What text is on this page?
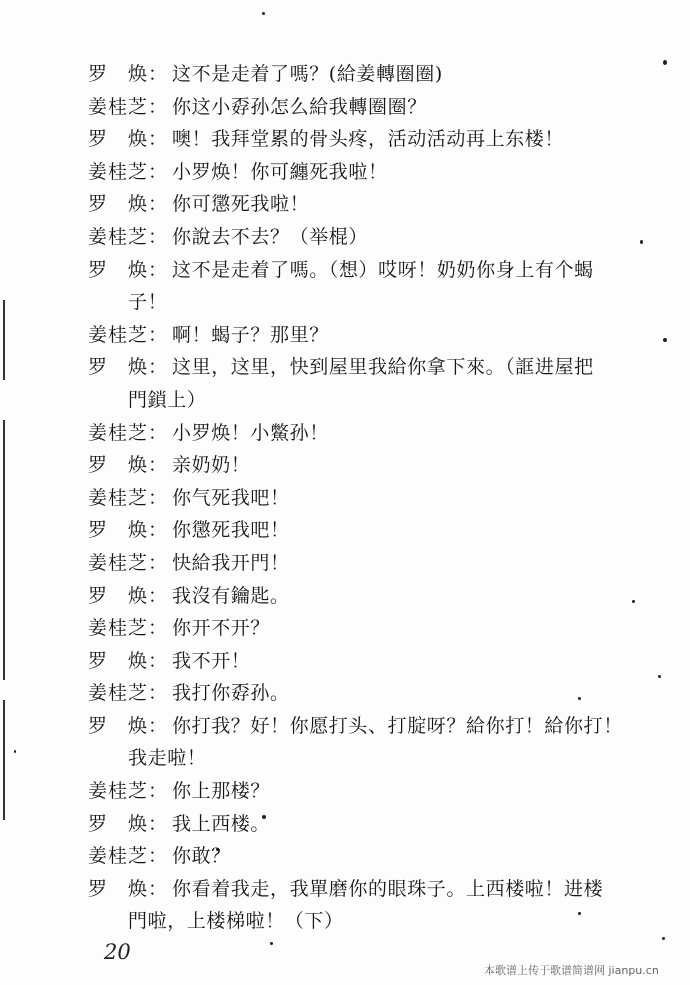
罗　焕： 这不是走着了嗎？(給姜轉圈圈)
姜桂芝： 你这小孬孙怎么給我轉圈圈？
罗　焕： 噢！我拜堂累的骨头疼，活动活动再上东楼！
姜桂芝： 小罗焕！你可纏死我啦！
罗　焕： 你可懲死我啦！
姜桂芝： 你說去不去？（举棍）
罗　焕： 这不是走着了嗎。（想）哎呀！奶奶你身上有个蝎
子！
姜桂芝： 啊！蝎子？那里？
罗　焕： 这里，这里，快到屋里我給你拿下來。（誆进屋把
門鎖上）
姜桂芝： 小罗焕！小鱉孙！
罗　焕： 亲奶奶！
姜桂芝： 你气死我吧！
罗　焕： 你懲死我吧！
姜桂芝： 快給我开門！
罗　焕： 我沒有鑰匙。
姜桂芝： 你开不开？
罗　焕： 我不开！
姜桂芝： 我打你孬孙。
罗　焕： 你打我？好！你愿打头、打腚呀？給你打！給你打！
我走啦！
姜桂芝： 你上那楼？
罗　焕： 我上西楼。
姜桂芝： 你敢？
罗　焕： 你看着我走，我單磨你的眼珠子。上西楼啦！进楼
門啦，上楼梯啦！（下）
20
本歌谱上传于歌谱简谱网 jianpu.cn
